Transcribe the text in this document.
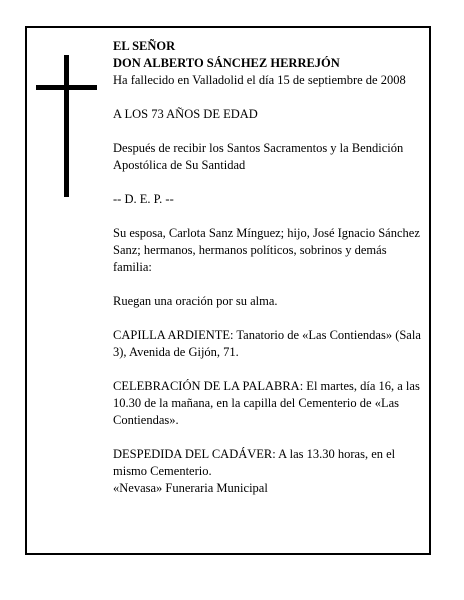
EL SEÑOR

DON ALBERTO SÁNCHEZ HERREJÓN

Ha fallecido en Valladolid el día 15 de septiembre de 2008

A LOS 73 AÑOS DE EDAD

Después de recibir los Santos Sacramentos y la Bendición Apostólica de Su Santidad

-- D. E. P. --

Su esposa, Carlota Sanz Mínguez; hijo, José Ignacio Sánchez Sanz; hermanos, hermanos políticos, sobrinos y demás familia:

Ruegan una oración por su alma.

CAPILLA ARDIENTE: Tanatorio de «Las Contiendas» (Sala 3), Avenida de Gijón, 71.

CELEBRACIÓN DE LA PALABRA: El martes, día 16, a las 10.30 de la mañana, en la capilla del Cementerio de «Las Contiendas».

DESPEDIDA DEL CADÁVER: A las 13.30 horas, en el mismo Cementerio.

«Nevasa» Funeraria Municipal
